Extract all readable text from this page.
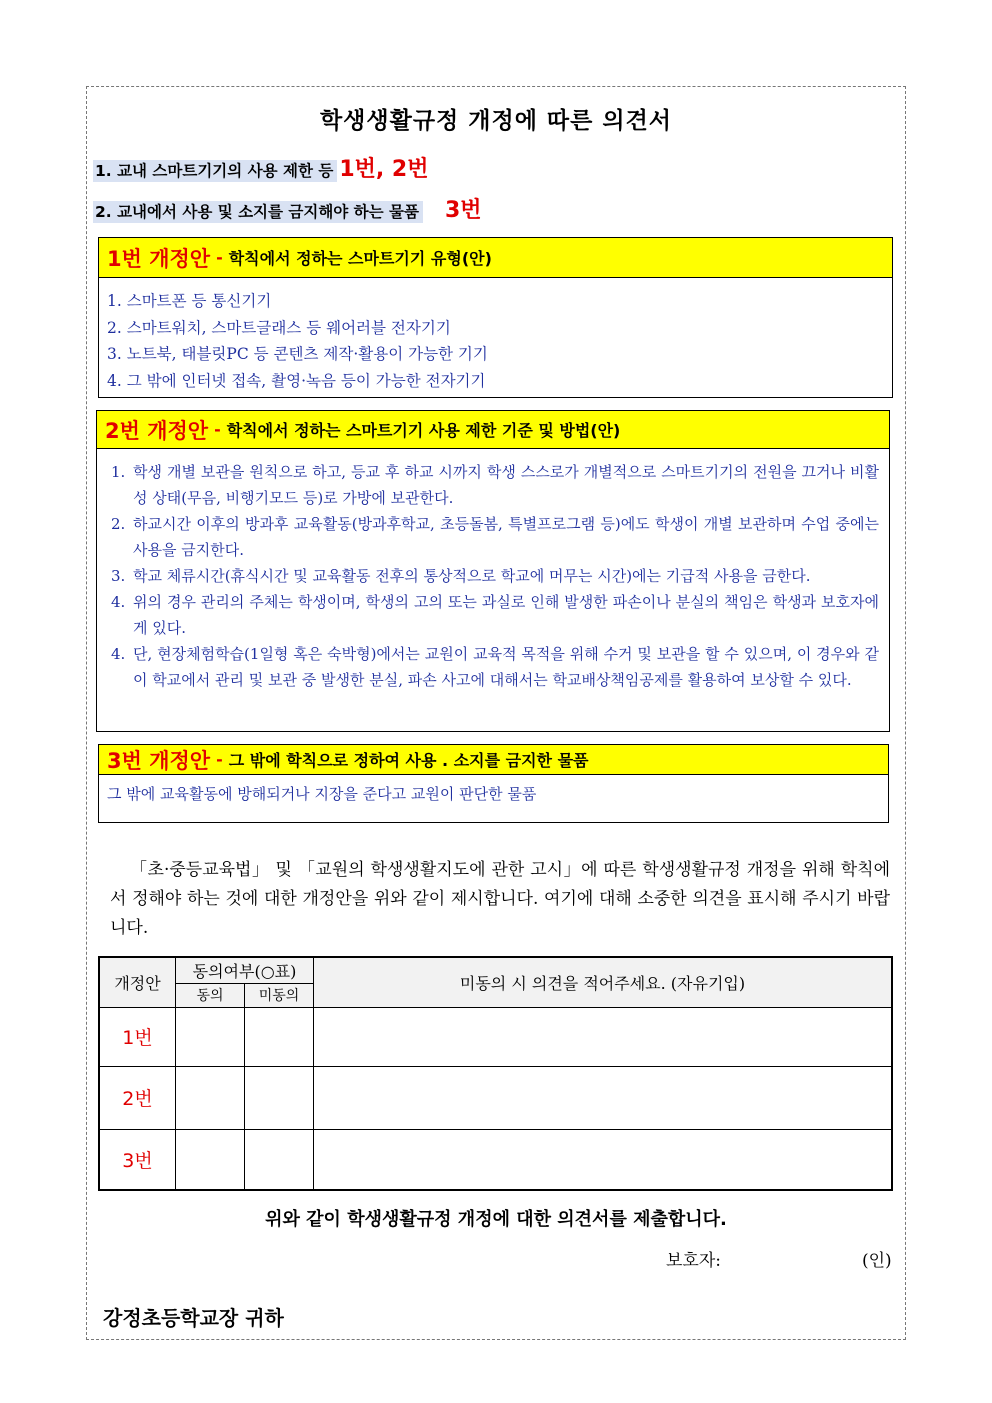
학생생활규정 개정에 따른 의견서
1. 교내 스마트기기의 사용 제한 등 1번, 2번
2. 교내에서 사용 및 소지를 금지해야 하는 물품 3번
1번 개정안 - 학칙에서 정하는 스마트기기 유형(안)
1. 스마트폰 등 통신기기
2. 스마트워치, 스마트글래스 등 웨어러블 전자기기
3. 노트북, 태블릿PC 등 콘텐츠 제작·활용이 가능한 기기
4. 그 밖에 인터넷 접속, 촬영·녹음 등이 가능한 전자기기
2번 개정안 - 학칙에서 정하는 스마트기기 사용 제한 기준 및 방법(안)
1. 학생 개별 보관을 원칙으로 하고, 등교 후 하교 시까지 학생 스스로가 개별적으로 스마트기기의 전원을 끄거나 비활성 상태(무음, 비행기모드 등)로 가방에 보관한다.
2. 하교시간 이후의 방과후 교육활동(방과후학교, 초등돌봄, 특별프로그램 등)에도 학생이 개별 보관하며 수업 중에는 사용을 금지한다.
3. 학교 체류시간(휴식시간 및 교육활동 전후의 통상적으로 학교에 머무는 시간)에는 기급적 사용을 금한다.
4. 위의 경우 관리의 주체는 학생이며, 학생의 고의 또는 과실로 인해 발생한 파손이나 분실의 책임은 학생과 보호자에게 있다.
4. 단, 현장체험학습(1일형 혹은 숙박형)에서는 교원이 교육적 목적을 위해 수거 및 보관을 할 수 있으며, 이 경우와 같이 학교에서 관리 및 보관 중 발생한 분실, 파손 사고에 대해서는 학교배상책임공제를 활용하여 보상할 수 있다.
3번 개정안 - 그 밖에 학칙으로 정하여 사용 . 소지를 금지한 물품
그 밖에 교육활동에 방해되거나 지장을 준다고 교원이 판단한 물품
「초·중등교육법」 및 「교원의 학생생활지도에 관한 고시」에 따른 학생생활규정 개정을 위해 학칙에서 정해야 하는 것에 대한 개정안을 위와 같이 제시합니다. 여기에 대해 소중한 의견을 표시해 주시기 바랍니다.
개정안	동의여부(○표)		미동의 시 의견을 적어주세요. (자유기입)
	동의	미동의	
1번			
2번			
3번			
위와 같이 학생생활규정 개정에 대한 의견서를 제출합니다.
보호자:	(인)
강정초등학교장 귀하
